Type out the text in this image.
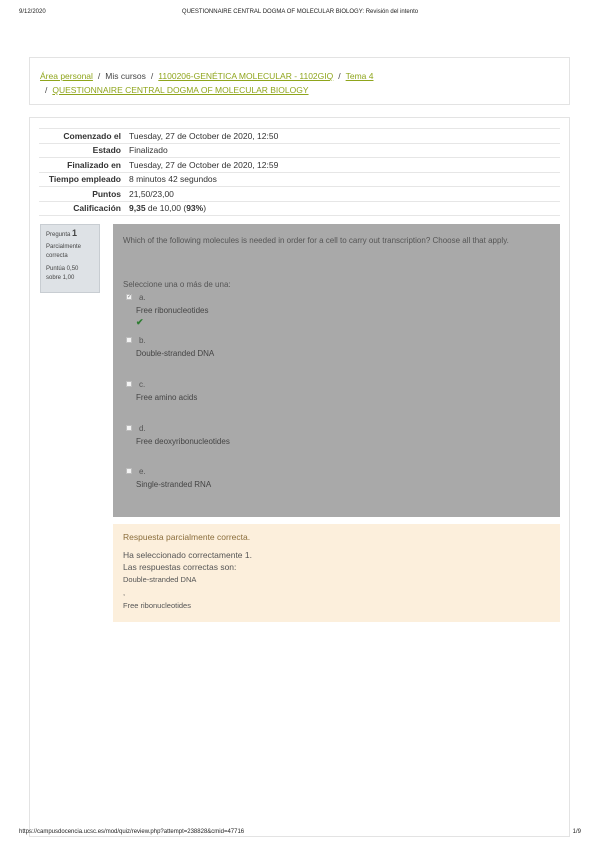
9/12/2020	QUESTIONNAIRE CENTRAL DOGMA OF MOLECULAR BIOLOGY: Revisión del intento
Área personal / Mis cursos / 1100206-GENÉTICA MOLECULAR - 1102GIQ / Tema 4
/ QUESTIONNAIRE CENTRAL DOGMA OF MOLECULAR BIOLOGY
Comenzado el	Tuesday, 27 de October de 2020, 12:50
Estado	Finalizado
Finalizado en	Tuesday, 27 de October de 2020, 12:59
Tiempo empleado	8 minutos 42 segundos
Puntos	21,50/23,00
Calificación	9,35 de 10,00 (93%)
Pregunta 1
Parcialmente correcta
Puntúa 0,50 sobre 1,00
Which of the following molecules is needed in order for a cell to carry out transcription? Choose all that apply.
Seleccione una o más de una:
✓ a.
Free ribonucleotides
✔
b.
Double-stranded DNA
c.
Free amino acids
d.
Free deoxyribonucleotides
e.
Single-stranded RNA
Respuesta parcialmente correcta.
Ha seleccionado correctamente 1.
Las respuestas correctas son:
Double-stranded DNA
,
Free ribonucleotides
https://campusdocencia.ucsc.es/mod/quiz/review.php?attempt=238828&cmid=47716	1/9
